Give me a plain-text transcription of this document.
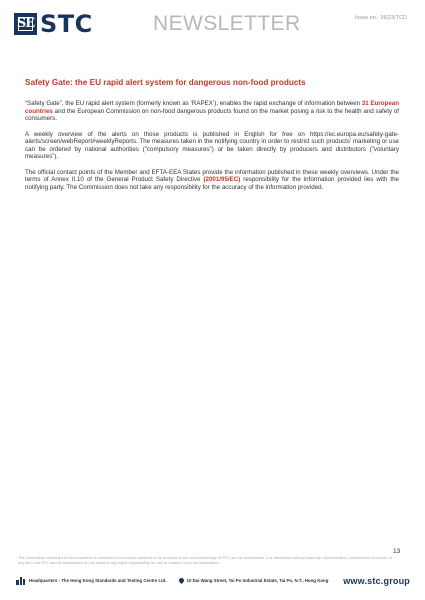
SE STC	NEWSLETTER	Issue no.: 36/23/TCD
Safety Gate: the EU rapid alert system for dangerous non-food products

“Safety Gate”, the EU rapid alert system (formerly known as ‘RAPEX’), enables the rapid exchange of information between 31 European countries and the European Commission on non-food dangerous products found on the market posing a risk to the health and safety of consumers.

A weekly overview of the alerts on those products is published in English for free on https://ec.europa.eu/safety-gate-alerts/screen/webReport#weeklyReports. The measures taken in the notifying country in order to restrict such products’ marketing or use can be ordered by national authorities ("compulsory measures") or be taken directly by producers and distributors ("voluntary measures").

The official contact points of the Member and EFTA-EEA States provide the information published in these weekly overviews. Under the terms of Annex II.10 of the General Product Safety Directive (2001/95/EC) responsibility for the information provided lies with the notifying party. The Commission does not take any responsibility for the accuracy of the information provided.

13
The information contained in this newsletter is obtained from sources believed to be accurate to the best knowledge of STC and its subsidiaries. It is distributed without warranty, representation, inducement or licence of any kind and STC and its subsidiaries do not assume any legal responsibility for use or reliance upon the information.
Headquarters - The Hong Kong Standards and Testing Centre Ltd.	10 Dai Wang Street, Tai Po Industrial Estate, Tai Po, N.T., Hong Kong www.stc.group
